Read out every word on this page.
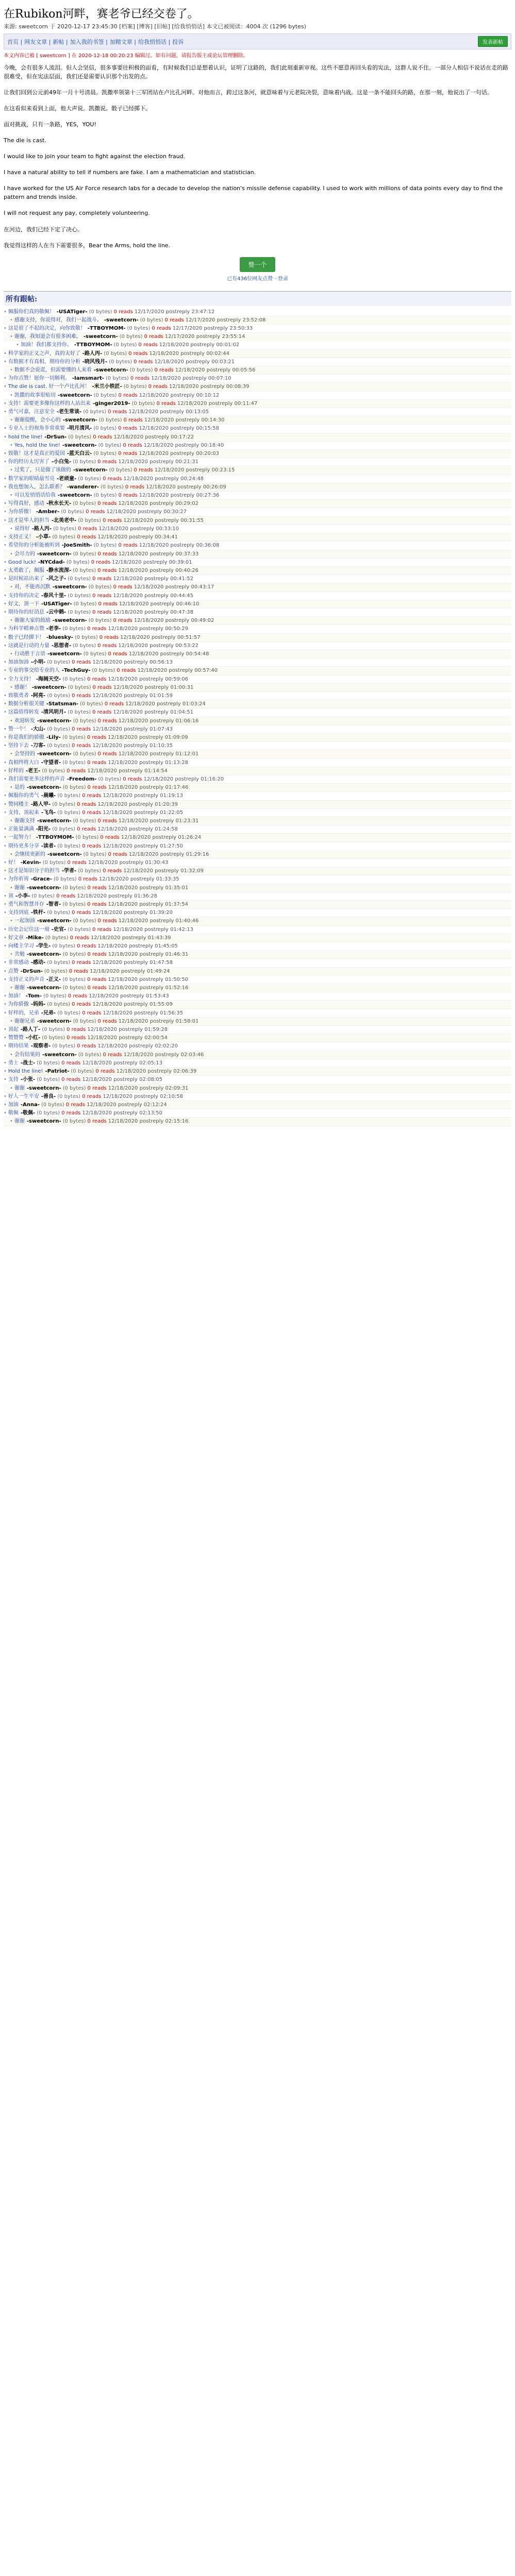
在Rubikon河畔，赛老爷已经交卷了。
来源: sweetcorn 于 2020-12-17 23:45:30 [档案] [博客] [旧帖] [给我悄悄话] 本文已被阅读：4004 次 (1296 bytes)
首页 | 网友文章 | 新帖 | 加入我的书签 | 加精文章 | 给我悄悄话 | 投诉	发表新帖
本文内容已被 [ sweetcorn ] 在 2020-12-18 00:20:23 编辑过。如有问题，请报告版主或论坛管理删除。

今晚，会有很多人流泪。但人会坚信，很多事要往积极的面看，有时候我们总是想着认识，证明了这路的，我们此刻重新审视。这些不愿意再回头看的宪法，这群人说不住。一部分人相信不说话在走的路很难受，但在宪法层面，我们还是需要认识那个出发的点。

让我们回到公元前49年一月十号清晨。凯撒率领第十三军团站在卢比孔河畔。对他而言，跨过这条河，就意味着与元老院决裂，意味着内战。这是一条不能回头的路，在那一刻，他说出了一句话。

在这看似来看到上面，他大声说。凯撒说。骰子已经掷下。

面对挑战，只有一条路，YES，YOU!

The die is cast.

I would like to join your team to fight against the election fraud.

I have a natural ability to tell if numbers are fake. I am a mathematician and statistician.

I have worked for the US Air Force research labs for a decade to develop the nation's missile defense capability. I used to work with millions of data points every day to find the pattern and trends inside.

I will not request any pay, completely volunteering.

在河边，我们已经下定了决心。

我觉得这样的人在当下需要很多，Bear the Arms, hold the line.

赞一个
已有436位网友点赞 · 登录
所有跟帖:
• 佩服你们真的敬佩！ -USATiger- (0 bytes) 0 reads 12/17/2020 postreply 23:47:12
• 感谢支持，你说得对，我们一起战斗。 -sweetcorn- (0 bytes) 0 reads 12/17/2020 postreply 23:52:08
• 这是很了不起的决定，向你致敬！ -TTBOYMOM- (0 bytes) 0 reads 12/17/2020 postreply 23:50:33
• 谢谢，我知道会有很多困难。 -sweetcorn- (0 bytes) 0 reads 12/17/2020 postreply 23:55:14
• 加油！我们都支持你。 -TTBOYMOM- (0 bytes) 0 reads 12/18/2020 postreply 00:01:02
• 科学家的正义之声，真的太好了 -路人丙- (0 bytes) 0 reads 12/18/2020 postreply 00:02:44
• 有数据才有真相，期待你的分析 -晓风残月- (0 bytes) 0 reads 12/18/2020 postreply 00:03:21
• 数据不会说谎，但需要懂的人来看 -sweetcorn- (0 bytes) 0 reads 12/18/2020 postreply 00:05:56
• 为你点赞！愿你一切顺利。 -Iamsmart- (0 bytes) 0 reads 12/18/2020 postreply 00:07:10
• The die is cast. 好一个卢比孔河！ -米兰小铁匠- (0 bytes) 0 reads 12/18/2020 postreply 00:08:39
• 凯撒的故事很贴切 -sweetcorn- (0 bytes) 0 reads 12/18/2020 postreply 00:10:12
• 支持！需要更多像你这样的人站出来 -ginger2019- (0 bytes) 0 reads 12/18/2020 postreply 00:11:47
• 勇气可嘉，注意安全 -老生常谈- (0 bytes) 0 reads 12/18/2020 postreply 00:13:05
• 谢谢提醒，会小心的 -sweetcorn- (0 bytes) 0 reads 12/18/2020 postreply 00:14:30
• 专业人士的视角非常重要 -明月清风- (0 bytes) 0 reads 12/18/2020 postreply 00:15:58
• hold the line! -DrSun- (0 bytes) 0 reads 12/18/2020 postreply 00:17:22
• Yes, hold the line! -sweetcorn- (0 bytes) 0 reads 12/18/2020 postreply 00:18:40
• 致敬！这才是真正的爱国 -蓝天白云- (0 bytes) 0 reads 12/18/2020 postreply 00:20:03
• 你的经历太厉害了 -小白兔- (0 bytes) 0 reads 12/18/2020 postreply 00:21:31
• 过奖了，只是做了该做的 -sweetcorn- (0 bytes) 0 reads 12/18/2020 postreply 00:23:15
• 数学家的眼睛最雪亮 -老顽童- (0 bytes) 0 reads 12/18/2020 postreply 00:24:48
• 我也想加入，怎么联系？ -wanderer- (0 bytes) 0 reads 12/18/2020 postreply 00:26:09
• 可以发悄悄话给我 -sweetcorn- (0 bytes) 0 reads 12/18/2020 postreply 00:27:36
• 写得真好，感动 -秋水长天- (0 bytes) 0 reads 12/18/2020 postreply 00:29:02
• 为你骄傲！ -Amber- (0 bytes) 0 reads 12/18/2020 postreply 00:30:27
• 这才是华人的担当 -北美老中- (0 bytes) 0 reads 12/18/2020 postreply 00:31:55
• 说得好 -路人丙- (0 bytes) 0 reads 12/18/2020 postreply 00:33:10
• 支持正义！ -小草- (0 bytes) 0 reads 12/18/2020 postreply 00:34:41
• 希望你的分析能被听到 -JoeSmith- (0 bytes) 0 reads 12/18/2020 postreply 00:36:08
• 会尽力的 -sweetcorn- (0 bytes) 0 reads 12/18/2020 postreply 00:37:33
• Good luck! -NYCdad- (0 bytes) 0 reads 12/18/2020 postreply 00:39:01
• 太勇敢了，佩服 -静水流深- (0 bytes) 0 reads 12/18/2020 postreply 00:40:26
• 是时候站出来了 -风之子- (0 bytes) 0 reads 12/18/2020 postreply 00:41:52
• 对，不能再沉默 -sweetcorn- (0 bytes) 0 reads 12/18/2020 postreply 00:43:17
• 支持你的决定 -春风十里- (0 bytes) 0 reads 12/18/2020 postreply 00:44:45
• 好文，顶一下 -USATiger- (0 bytes) 0 reads 12/18/2020 postreply 00:46:10
• 期待你的好消息 -云中鹤- (0 bytes) 0 reads 12/18/2020 postreply 00:47:38
• 谢谢大家的鼓励 -sweetcorn- (0 bytes) 0 reads 12/18/2020 postreply 00:49:02
• 为科学精神点赞 -老李- (0 bytes) 0 reads 12/18/2020 postreply 00:50:29
• 骰子已经掷下！ -bluesky- (0 bytes) 0 reads 12/18/2020 postreply 00:51:57
• 这就是行动的力量 -思想者- (0 bytes) 0 reads 12/18/2020 postreply 00:53:22
• 行动胜于言语 -sweetcorn- (0 bytes) 0 reads 12/18/2020 postreply 00:54:48
• 加油加油 -小明- (0 bytes) 0 reads 12/18/2020 postreply 00:56:13
• 专业的事交给专业的人 -TechGuy- (0 bytes) 0 reads 12/18/2020 postreply 00:57:40
• 全力支持！ -海阔天空- (0 bytes) 0 reads 12/18/2020 postreply 00:59:06
• 感谢！ -sweetcorn- (0 bytes) 0 reads 12/18/2020 postreply 01:00:31
• 致敬勇者 -阿亮- (0 bytes) 0 reads 12/18/2020 postreply 01:01:59
• 数据分析很关键 -Statsman- (0 bytes) 0 reads 12/18/2020 postreply 01:03:24
• 这篇值得转发 -清风明月- (0 bytes) 0 reads 12/18/2020 postreply 01:04:51
• 欢迎转发 -sweetcorn- (0 bytes) 0 reads 12/18/2020 postreply 01:06:16
• 赞一个！ -大山- (0 bytes) 0 reads 12/18/2020 postreply 01:07:43
• 你是我们的骄傲 -Lily- (0 bytes) 0 reads 12/18/2020 postreply 01:09:09
• 坚持下去 -刀客- (0 bytes) 0 reads 12/18/2020 postreply 01:10:35
• 会坚持的 -sweetcorn- (0 bytes) 0 reads 12/18/2020 postreply 01:12:01
• 真相终将大白 -守望者- (0 bytes) 0 reads 12/18/2020 postreply 01:13:28
• 好样的 -老王- (0 bytes) 0 reads 12/18/2020 postreply 01:14:54
• 我们需要更多这样的声音 -Freedom- (0 bytes) 0 reads 12/18/2020 postreply 01:16:20
• 是的 -sweetcorn- (0 bytes) 0 reads 12/18/2020 postreply 01:17:46
• 佩服你的勇气 -晨曦- (0 bytes) 0 reads 12/18/2020 postreply 01:19:13
• 赞同楼主 -路人甲- (0 bytes) 0 reads 12/18/2020 postreply 01:20:39
• 支持，顶起来 -飞鸟- (0 bytes) 0 reads 12/18/2020 postreply 01:22:05
• 谢谢支持 -sweetcorn- (0 bytes) 0 reads 12/18/2020 postreply 01:23:31
• 正能量满满 -阳光- (0 bytes) 0 reads 12/18/2020 postreply 01:24:58
• 一起努力！ -TTBOYMOM- (0 bytes) 0 reads 12/18/2020 postreply 01:26:24
• 期待更多分享 -读者- (0 bytes) 0 reads 12/18/2020 postreply 01:27:50
• 会继续更新的 -sweetcorn- (0 bytes) 0 reads 12/18/2020 postreply 01:29:16
• 好！ -Kevin- (0 bytes) 0 reads 12/18/2020 postreply 01:30:43
• 这才是知识分子的担当 -学者- (0 bytes) 0 reads 12/18/2020 postreply 01:32:09
• 为你祈祷 -Grace- (0 bytes) 0 reads 12/18/2020 postreply 01:33:35
• 谢谢 -sweetcorn- (0 bytes) 0 reads 12/18/2020 postreply 01:35:01
• 顶 -小李- (0 bytes) 0 reads 12/18/2020 postreply 01:36:28
• 勇气和智慧并存 -智者- (0 bytes) 0 reads 12/18/2020 postreply 01:37:54
• 支持到底 -铁杆- (0 bytes) 0 reads 12/18/2020 postreply 01:39:20
• 一起加油 -sweetcorn- (0 bytes) 0 reads 12/18/2020 postreply 01:40:46
• 历史会记住这一刻 -史官- (0 bytes) 0 reads 12/18/2020 postreply 01:42:13
• 好文章 -Mike- (0 bytes) 0 reads 12/18/2020 postreply 01:43:39
• 向楼主学习 -学生- (0 bytes) 0 reads 12/18/2020 postreply 01:45:05
• 共勉 -sweetcorn- (0 bytes) 0 reads 12/18/2020 postreply 01:46:31
• 非常感动 -感动- (0 bytes) 0 reads 12/18/2020 postreply 01:47:58
• 点赞 -DrSun- (0 bytes) 0 reads 12/18/2020 postreply 01:49:24
• 支持正义的声音 -正义- (0 bytes) 0 reads 12/18/2020 postreply 01:50:50
• 谢谢 -sweetcorn- (0 bytes) 0 reads 12/18/2020 postreply 01:52:16
• 加油！ -Tom- (0 bytes) 0 reads 12/18/2020 postreply 01:53:43
• 为你骄傲 -妈妈- (0 bytes) 0 reads 12/18/2020 postreply 01:55:09
• 好样的，兄弟 -兄弟- (0 bytes) 0 reads 12/18/2020 postreply 01:56:35
• 谢谢兄弟 -sweetcorn- (0 bytes) 0 reads 12/18/2020 postreply 01:58:01
• 顶起 -路人丁- (0 bytes) 0 reads 12/18/2020 postreply 01:59:28
• 赞赞赞 -小红- (0 bytes) 0 reads 12/18/2020 postreply 02:00:54
• 期待结果 -观察者- (0 bytes) 0 reads 12/18/2020 postreply 02:02:20
• 会有结果的 -sweetcorn- (0 bytes) 0 reads 12/18/2020 postreply 02:03:46
• 勇士 -战士- (0 bytes) 0 reads 12/18/2020 postreply 02:05:13
• Hold the line! -Patriot- (0 bytes) 0 reads 12/18/2020 postreply 02:06:39
• 支持 -小张- (0 bytes) 0 reads 12/18/2020 postreply 02:08:05
• 谢谢 -sweetcorn- (0 bytes) 0 reads 12/18/2020 postreply 02:09:31
• 好人一生平安 -善良- (0 bytes) 0 reads 12/18/2020 postreply 02:10:58
• 加油 -Anna- (0 bytes) 0 reads 12/18/2020 postreply 02:12:24
• 敬佩 -敬佩- (0 bytes) 0 reads 12/18/2020 postreply 02:13:50
• 谢谢 -sweetcorn- (0 bytes) 0 reads 12/18/2020 postreply 02:15:16
